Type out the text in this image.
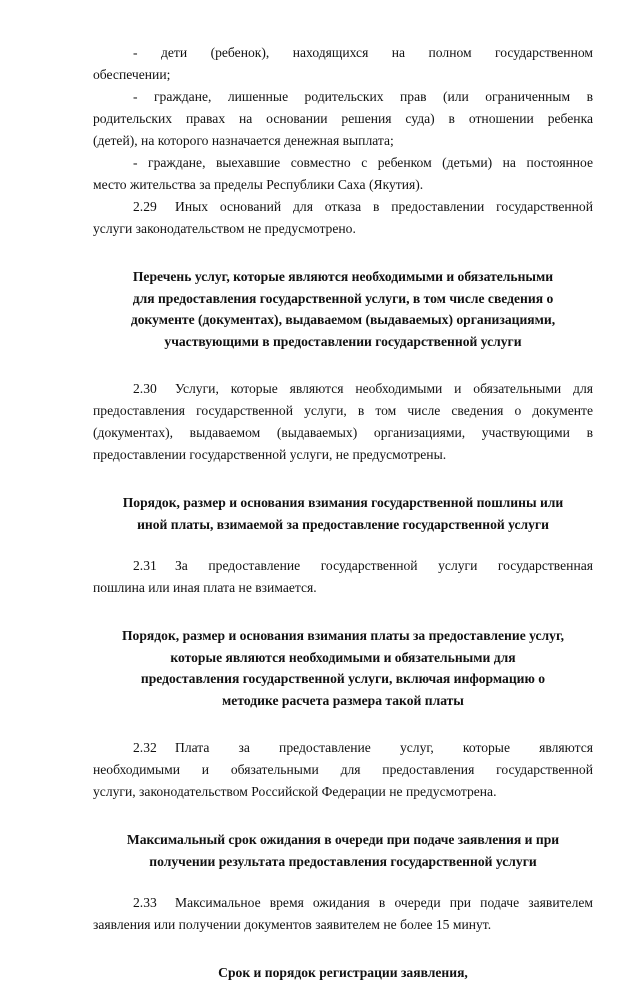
- дети (ребенок), находящихся на полном государственном
обеспечении;
- граждане, лишенные родительских прав (или ограниченным в
родительских правах на основании решения суда) в отношении ребенка
(детей), на которого назначается денежная выплата;
- граждане, выехавшие совместно с ребенком (детьми) на постоянное
место жительства за пределы Республики Саха (Якутия).
2.29 Иных оснований для отказа в предоставлении государственной
услуги законодательством не предусмотрено.
Перечень услуг, которые являются необходимыми и обязательными
для предоставления государственной услуги, в том числе сведения о
документе (документах), выдаваемом (выдаваемых) организациями,
участвующими в предоставлении государственной услуги
2.30 Услуги, которые являются необходимыми и обязательными для
предоставления государственной услуги, в том числе сведения о документе
(документах), выдаваемом (выдаваемых) организациями, участвующими в
предоставлении государственной услуги, не предусмотрены.
Порядок, размер и основания взимания государственной пошлины или
иной платы, взимаемой за предоставление государственной услуги
2.31 За предоставление государственной услуги государственная
пошлина или иная плата не взимается.
Порядок, размер и основания взимания платы за предоставление услуг,
которые являются необходимыми и обязательными для
предоставления государственной услуги, включая информацию о
методике расчета размера такой платы
2.32 Плата за предоставление услуг, которые являются
необходимыми и обязательными для предоставления государственной
услуги, законодательством Российской Федерации не предусмотрена.
Максимальный срок ожидания в очереди при подаче заявления и при
получении результата предоставления государственной услуги
2.33 Максимальное время ожидания в очереди при подаче заявителем
заявления или получении документов заявителем не более 15 минут.
Срок и порядок регистрации заявления,
